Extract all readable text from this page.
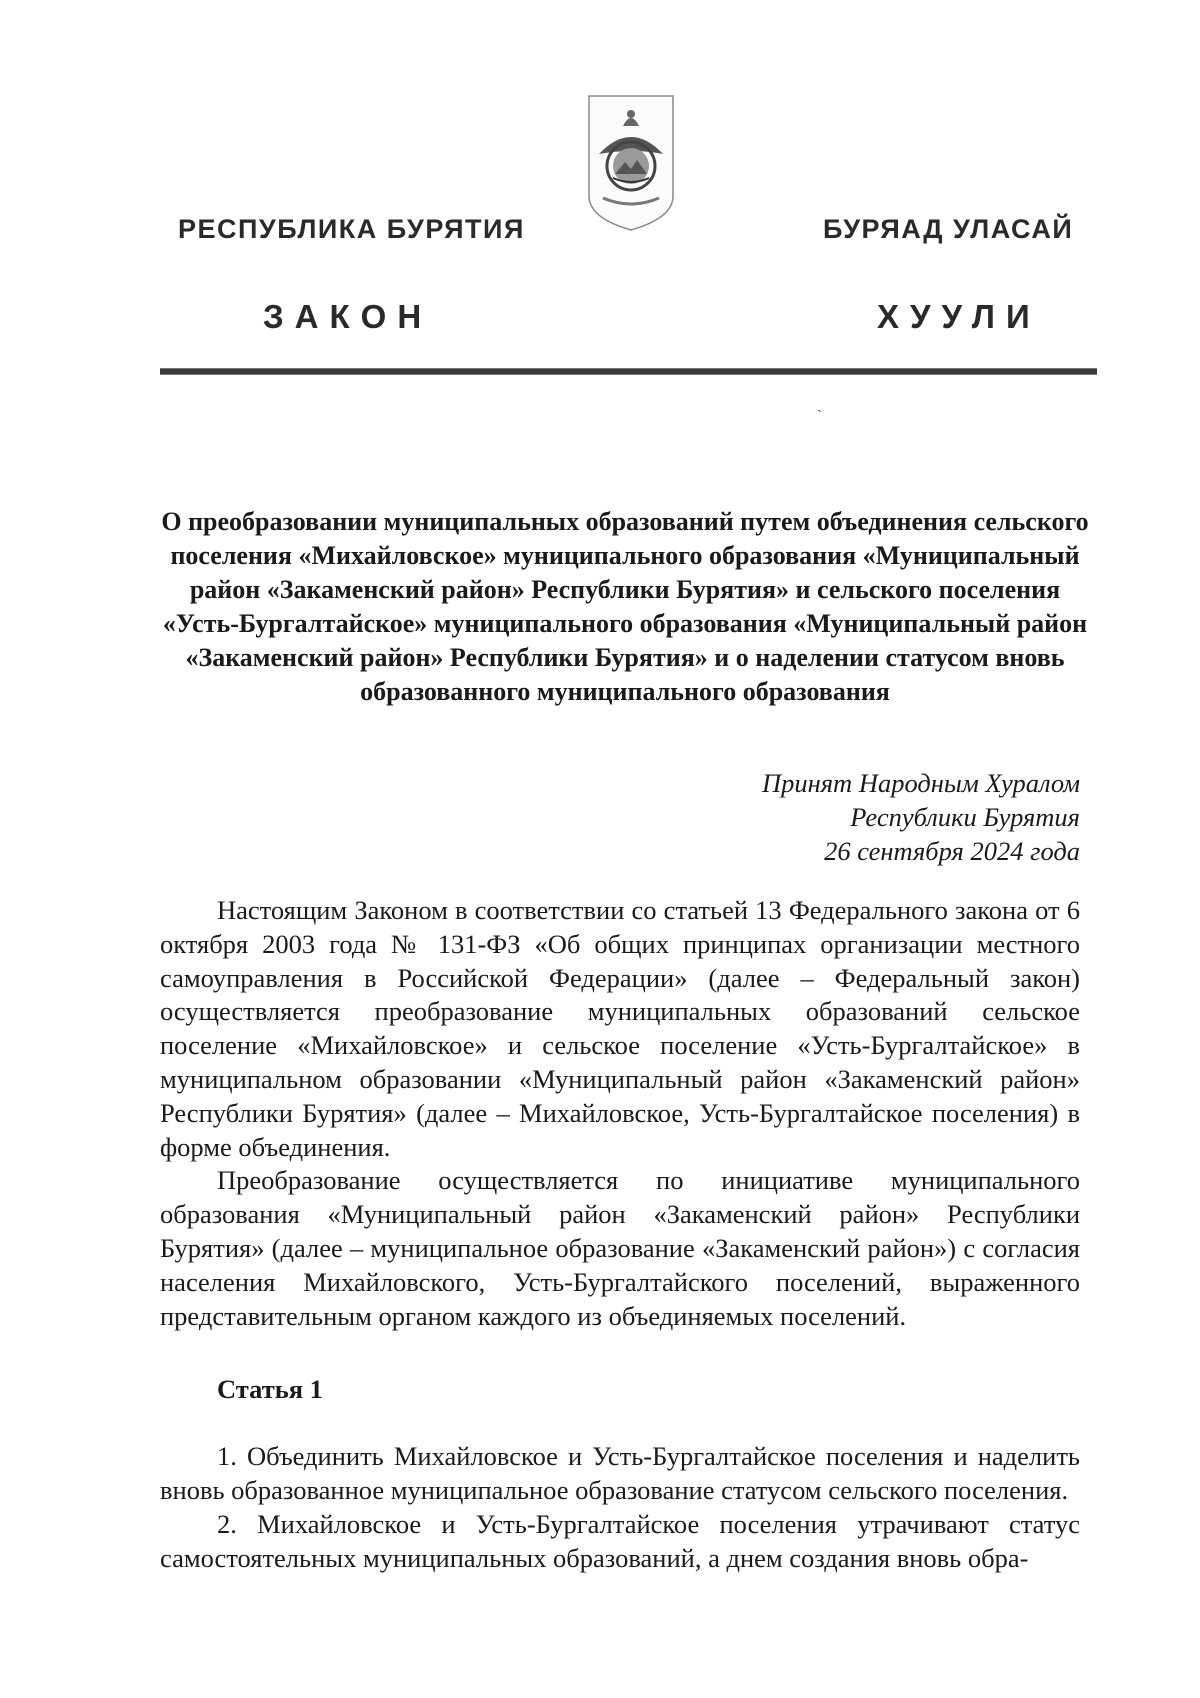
РЕСПУБЛИКА БУРЯТИЯ	БУРЯАД УЛАСАЙ
ЗАКОН	ХУУЛИ
ˏ
О преобразовании муниципальных образований путем объединения сельского поселения «Михайловское» муниципального образования «Муниципальный район «Закаменский район» Республики Бурятия» и сельского поселения «Усть-Бургалтайское» муниципального образования «Муниципальный район «Закаменский район» Республики Бурятия» и о наделении статусом вновь образованного муниципального образования
Принят Народным Хуралом
Республики Бурятия
26 сентября 2024 года

Настоящим Законом в соответствии со статьей 13 Федерального закона от 6 октября 2003 года № 131-ФЗ «Об общих принципах организации местного самоуправления в Российской Федерации» (далее – Федеральный закон) осуществляется преобразование муниципальных образований сельское поселение «Михайловское» и сельское поселение «Усть-Бургалтайское» в муниципальном образовании «Муниципальный район «Закаменский район» Республики Бурятия» (далее – Михайловское, Усть-Бургалтайское поселения) в форме объединения.

Преобразование осуществляется по инициативе муниципального образования «Муниципальный район «Закаменский район» Республики Бурятия» (далее – муниципальное образование «Закаменский район») с согласия населения Михайловского, Усть-Бургалтайского поселений, выраженного представительным органом каждого из объединяемых поселений.

Статья 1

1. Объединить Михайловское и Усть-Бургалтайское поселения и наделить вновь образованное муниципальное образование статусом сельского поселения.

2. Михайловское и Усть-Бургалтайское поселения утрачивают статус самостоятельных муниципальных образований, а днем создания вновь обра-
